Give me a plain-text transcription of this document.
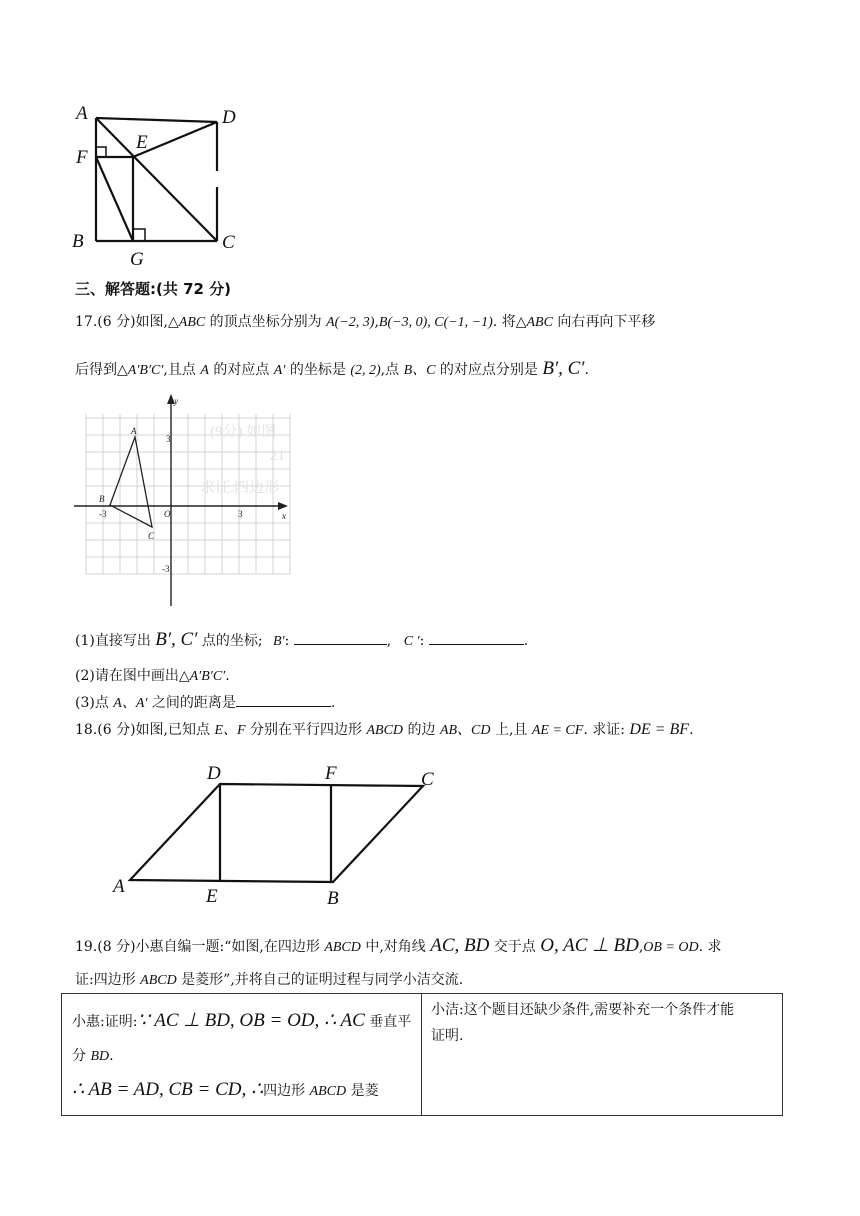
A	D
E
F
B
G
C
三、解答题:(共 72 分)
17.(6 分)如图,△ABC 的顶点坐标分别为 A(−2, 3),B(−3, 0), C(−1, −1). 将△ABC 向右再向下平移
后得到△A′B′C′,且点 A 的对应点 A′ 的坐标是 (2, 2),点 B、C 的对应点分别是 B′, C′.
21
(9分) 如图
求证:四边形
y
x
O
-3	3
3
-3
A
B
C
(1)直接写出 B′, C′ 点的坐标; B′:	, C ′:	.
(2)请在图中画出△A′B′C′.
(3)点 A、A′ 之间的距离是	.
18.(6 分)如图,已知点 E、F 分别在平行四边形 ABCD 的边 AB、CD 上,且 AE = CF. 求证: DE = BF.
D	F	C
A	E	B
19.(8 分)小惠自编一题:“如图,在四边形 ABCD 中,对角线 AC, BD 交于点 O, AC ⊥ BD,OB = OD. 求
证:四边形 ABCD 是菱形”,并将自己的证明过程与同学小洁交流.
小惠:证明:∵ AC ⊥ BD, OB = OD, ∴ AC 垂直平
分 BD.
∴ AB = AD, CB = CD, ∴四边形 ABCD 是菱
小洁:这个题目还缺少条件,需要补充一个条件才能
证明.
